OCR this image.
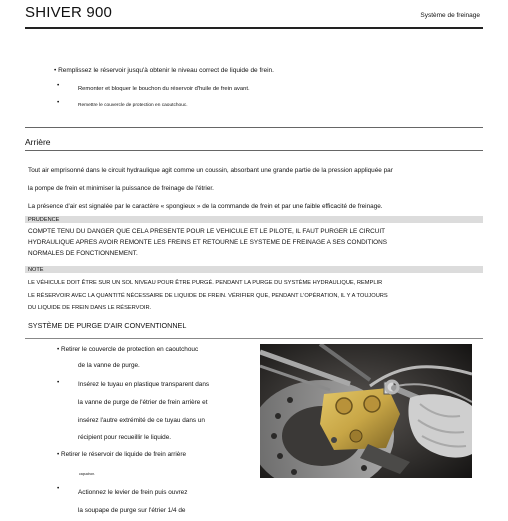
SHIVER 900	Système de freinage
• Remplissez le réservoir jusqu'à obtenir le niveau correct de liquide de frein.
•	Remonter et bloquer le bouchon du réservoir d'huile de frein avant.
•	Remettre le couvercle de protection en caoutchouc.
Arrière
Tout air emprisonné dans le circuit hydraulique agit comme un coussin, absorbant une grande partie de la pression appliquée par
la pompe de frein et minimiser la puissance de freinage de l'étrier.
La présence d'air est signalée par le caractère « spongieux » de la commande de frein et par une faible efficacité de freinage.
PRUDENCE
COMPTE TENU DU DANGER QUE CELA PRESENTE POUR LE VEHICULE ET LE PILOTE, IL FAUT PURGER LE CIRCUIT
HYDRAULIQUE APRES AVOIR REMONTE LES FREINS ET RETOURNE LE SYSTEME DE FREINAGE A SES CONDITIONS
NORMALES DE FONCTIONNEMENT.
NOTE
LE VÉHICULE DOIT ÊTRE SUR UN SOL NIVEAU POUR ÊTRE PURGÉ. PENDANT LA PURGE DU SYSTÈME HYDRAULIQUE, REMPLIR
LE RÉSERVOIR AVEC LA QUANTITÉ NÉCESSAIRE DE LIQUIDE DE FREIN. VÉRIFIER QUE, PENDANT L'OPÉRATION, IL Y A TOUJOURS
DU LIQUIDE DE FREIN DANS LE RÉSERVOIR.
SYSTÈME DE PURGE D'AIR CONVENTIONNEL
• Retirer le couvercle de protection en caoutchouc
de la vanne de purge.
•	Insérez le tuyau en plastique transparent dans
la vanne de purge de l'étrier de frein arrière et
insérez l'autre extrémité de ce tuyau dans un
récipient pour recueillir le liquide.
• Retirer le réservoir de liquide de frein arrière
capuchon.
•
Actionnez le levier de frein puis ouvrez
la soupape de purge sur l'étrier 1/4 de
